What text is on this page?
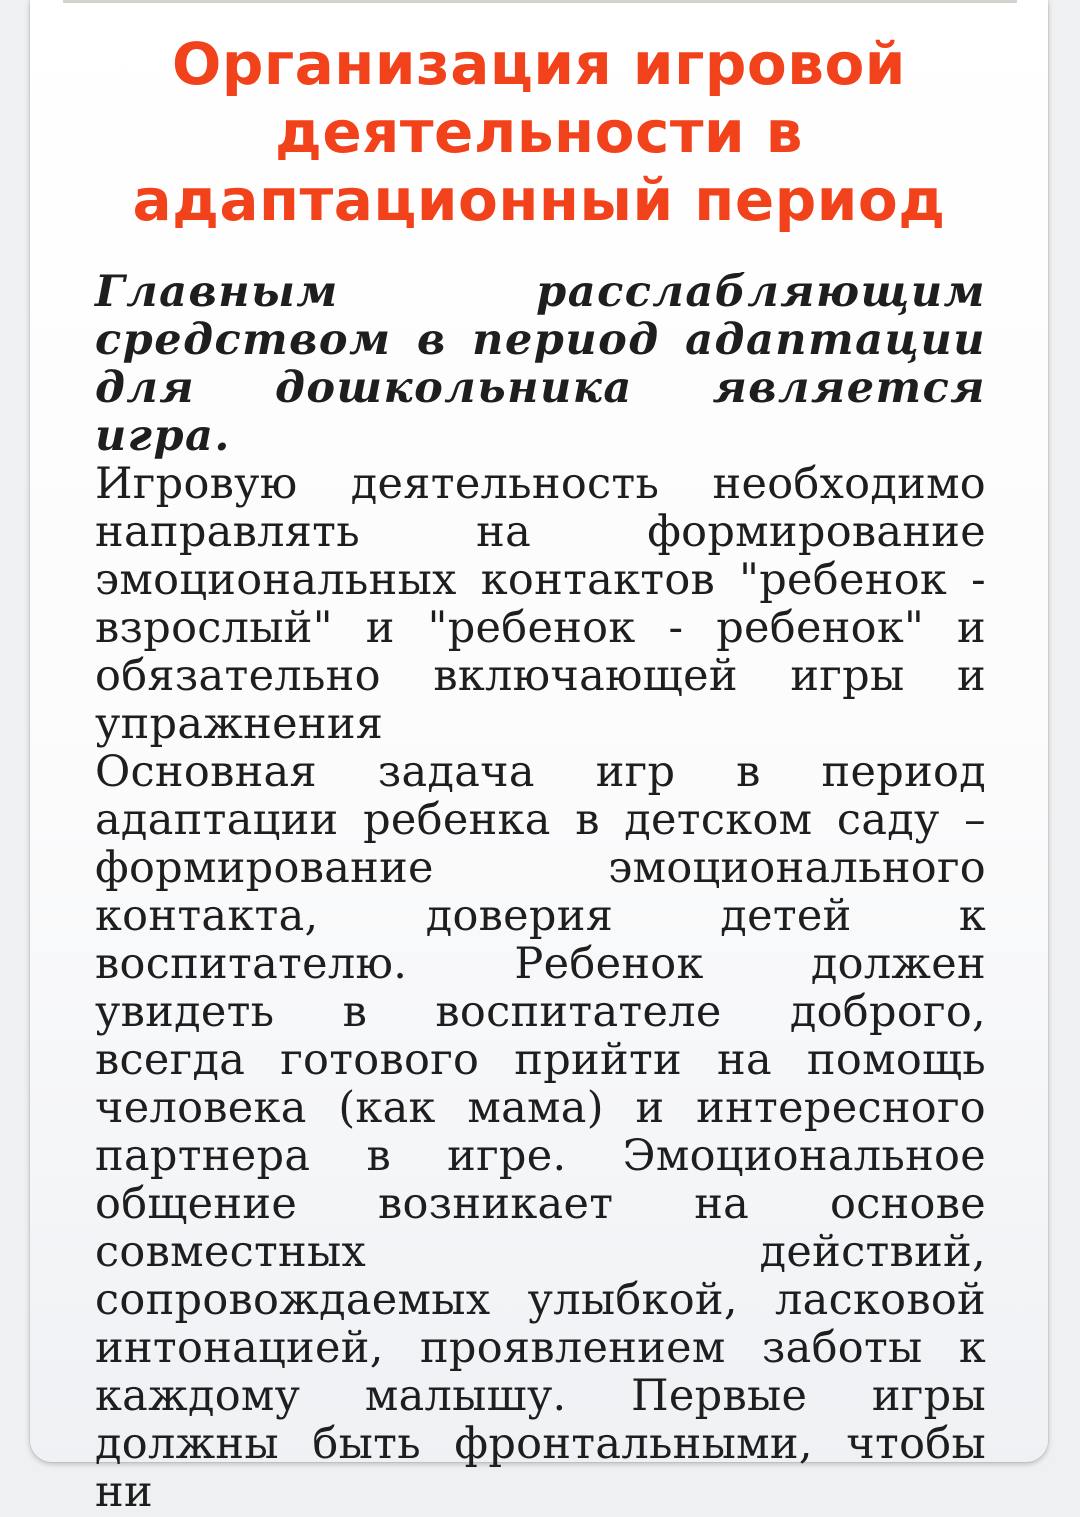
Организация игровой
деятельности в
адаптационный период

Главным расслабляющим средством в период адаптации для дошкольника является игра.

Игровую деятельность необходимо направлять на формирование эмоциональных контактов "ребенок - взрослый" и "ребенок - ребенок" и обязательно включающей игры и упражнения

Основная задача игр в период адаптации ребенка в детском саду – формирование эмоционального контакта, доверия детей к воспитателю. Ребенок должен увидеть в воспитателе доброго, всегда готового прийти на помощь человека (как мама) и интересного партнера в игре. Эмоциональное общение возникает на основе совместных действий, сопровождаемых улыбкой, ласковой интонацией, проявлением заботы к каждому малышу. Первые игры должны быть фронтальными, чтобы ни
